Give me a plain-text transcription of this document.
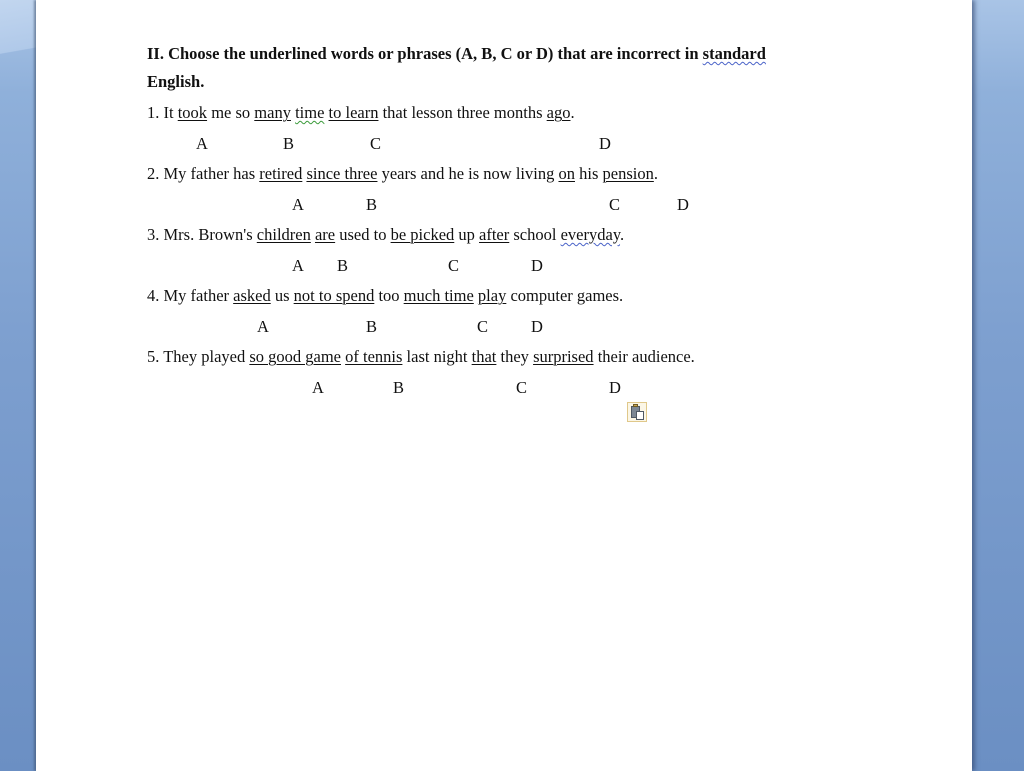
II. Choose the underlined words or phrases (A, B, C or D) that are incorrect in standard
English.
1. It took me so many time to learn that lesson three months ago.
A	B	C	D
2. My father has retired since three years and he is now living on his pension.
A	B	C	D
3. Mrs. Brown's children are used to be picked up after school everyday.
A B	C	D
4. My father asked us not to spend too much time play computer games.
A	B	C	D
5. They played so good game of tennis last night that they surprised their audience.
A	B	C	D
